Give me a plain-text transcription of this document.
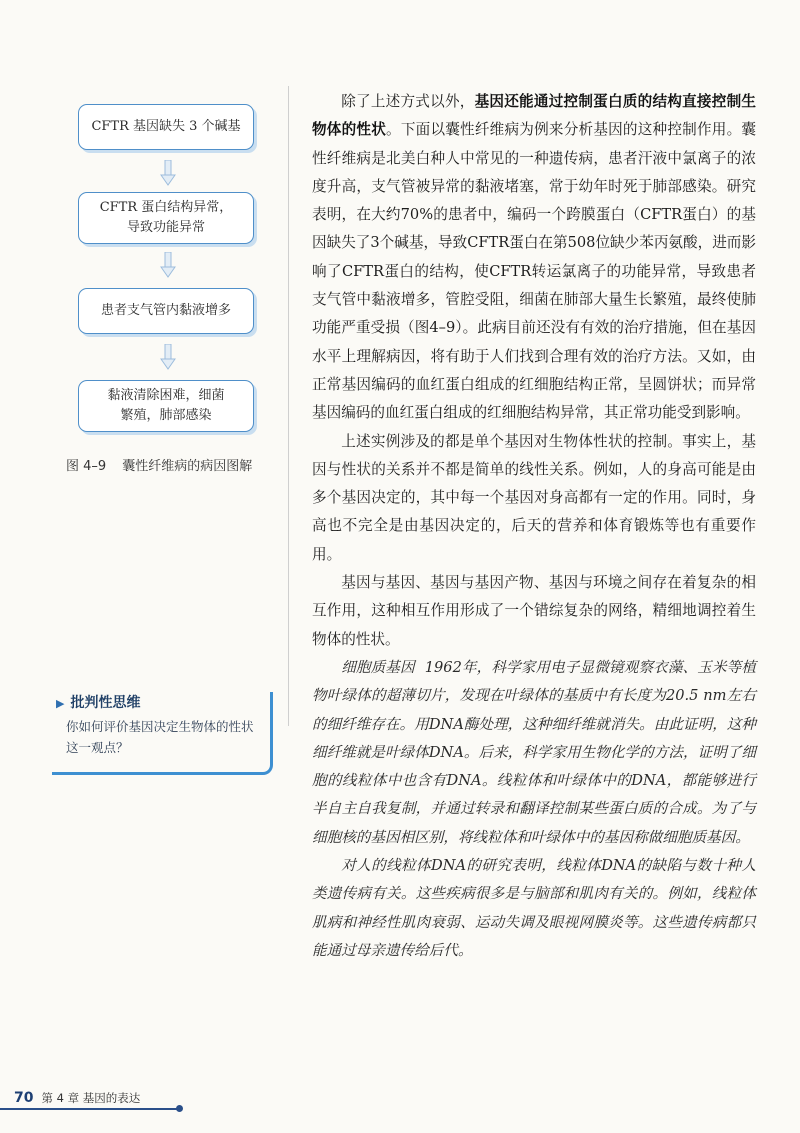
CFTR 基因缺失 3 个碱基
CFTR 蛋白结构异常，
导致功能异常
患者支气管内黏液增多
黏液清除困难，细菌
繁殖，肺部感染
图 4–9 囊性纤维病的病因图解
▶ 批判性思维
你如何评价基因决定生物体的性状这一观点？

除了上述方式以外，基因还能通过控制蛋白质的结构直接控制生物体的性状。下面以囊性纤维病为例来分析基因的这种控制作用。囊性纤维病是北美白种人中常见的一种遗传病，患者汗液中氯离子的浓度升高，支气管被异常的黏液堵塞，常于幼年时死于肺部感染。研究表明，在大约70%的患者中，编码一个跨膜蛋白（CFTR蛋白）的基因缺失了3个碱基，导致CFTR蛋白在第508位缺少苯丙氨酸，进而影响了CFTR蛋白的结构，使CFTR转运氯离子的功能异常，导致患者支气管中黏液增多，管腔受阻，细菌在肺部大量生长繁殖，最终使肺功能严重受损（图4–9）。此病目前还没有有效的治疗措施，但在基因水平上理解病因，将有助于人们找到合理有效的治疗方法。又如，由正常基因编码的血红蛋白组成的红细胞结构正常，呈圆饼状；而异常基因编码的血红蛋白组成的红细胞结构异常，其正常功能受到影响。

上述实例涉及的都是单个基因对生物体性状的控制。事实上，基因与性状的关系并不都是简单的线性关系。例如，人的身高可能是由多个基因决定的，其中每一个基因对身高都有一定的作用。同时，身高也不完全是由基因决定的，后天的营养和体育锻炼等也有重要作用。

基因与基因、基因与基因产物、基因与环境之间存在着复杂的相互作用，这种相互作用形成了一个错综复杂的网络，精细地调控着生物体的性状。

细胞质基因 1962年，科学家用电子显微镜观察衣藻、玉米等植物叶绿体的超薄切片，发现在叶绿体的基质中有长度为20.5 nm左右的细纤维存在。用DNA酶处理，这种细纤维就消失。由此证明，这种细纤维就是叶绿体DNA。后来，科学家用生物化学的方法，证明了细胞的线粒体中也含有DNA。线粒体和叶绿体中的DNA，都能够进行半自主自我复制，并通过转录和翻译控制某些蛋白质的合成。为了与细胞核的基因相区别，将线粒体和叶绿体中的基因称做细胞质基因。

对人的线粒体DNA的研究表明，线粒体DNA的缺陷与数十种人类遗传病有关。这些疾病很多是与脑部和肌肉有关的。例如，线粒体肌病和神经性肌肉衰弱、运动失调及眼视网膜炎等。这些遗传病都只能通过母亲遗传给后代。

70 第 4 章 基因的表达
